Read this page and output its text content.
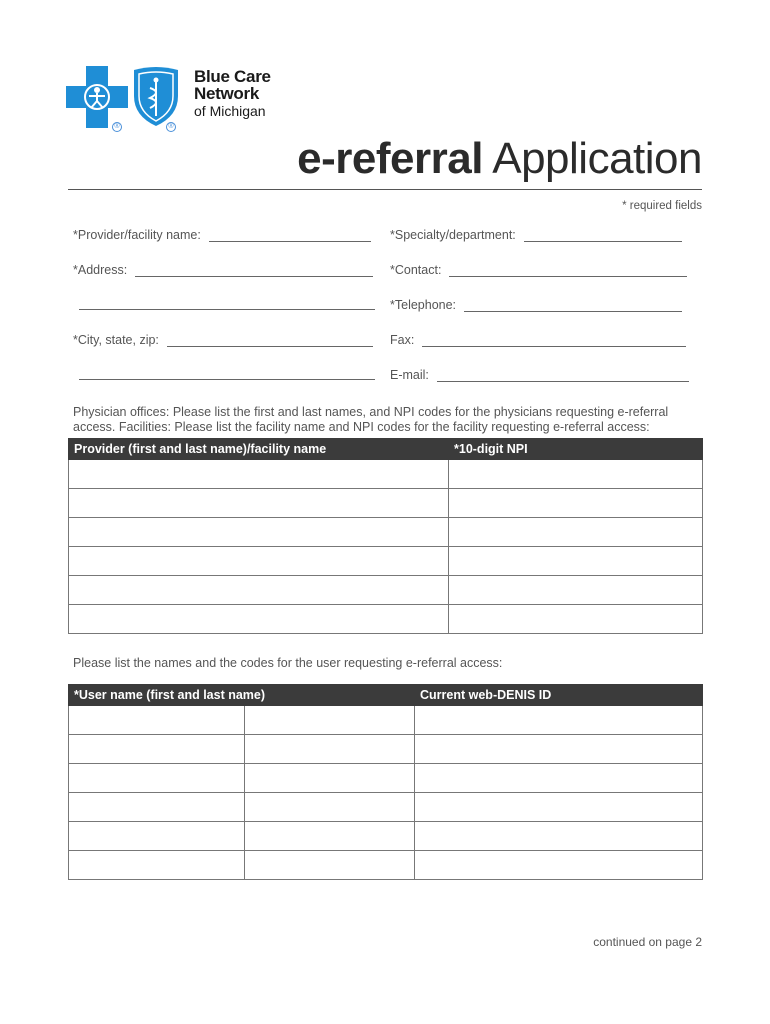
®	®
Blue Care
Network
of Michigan
e-referral Application
* required fields
*Provider/facility name:	*Specialty/department:
*Address:	*Contact:
*Telephone:
*City, state, zip:	Fax:
E-mail:
Physician offices: Please list the first and last names, and NPI codes for the physicians requesting e-referral access. Facilities: Please list the facility name and NPI codes for the facility requesting e-referral access:
Provider (first and last name)/facility name	*10-digit NPI

Please list the names and the codes for the user requesting e-referral access:
*User name (first and last name)		Current web-DENIS ID

continued on page 2
